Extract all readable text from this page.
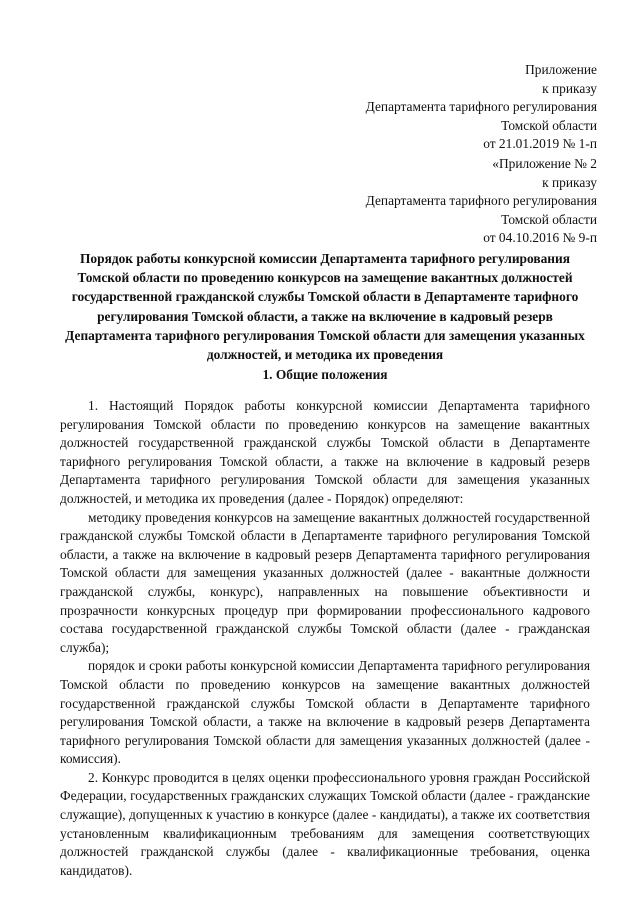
Приложение
к приказу
Департамента тарифного регулирования
Томской области
от 21.01.2019 № 1-п
«Приложение № 2
к приказу
Департамента тарифного регулирования
Томской области
от 04.10.2016 № 9-п
Порядок работы конкурсной комиссии Департамента тарифного регулирования Томской области по проведению конкурсов на замещение вакантных должностей государственной гражданской службы Томской области в Департаменте тарифного регулирования Томской области, а также на включение в кадровый резерв Департамента тарифного регулирования Томской области для замещения указанных должностей, и методика их проведения
1. Общие положения

1. Настоящий Порядок работы конкурсной комиссии Департамента тарифного регулирования Томской области по проведению конкурсов на замещение вакантных должностей государственной гражданской службы Томской области в Департаменте тарифного регулирования Томской области, а также на включение в кадровый резерв Департамента тарифного регулирования Томской области для замещения указанных должностей, и методика их проведения (далее - Порядок) определяют:

методику проведения конкурсов на замещение вакантных должностей государственной гражданской службы Томской области в Департаменте тарифного регулирования Томской области, а также на включение в кадровый резерв Департамента тарифного регулирования Томской области для замещения указанных должностей (далее - вакантные должности гражданской службы, конкурс), направленных на повышение объективности и прозрачности конкурсных процедур при формировании профессионального кадрового состава государственной гражданской службы Томской области (далее - гражданская служба);

порядок и сроки работы конкурсной комиссии Департамента тарифного регулирования Томской области по проведению конкурсов на замещение вакантных должностей государственной гражданской службы Томской области в Департаменте тарифного регулирования Томской области, а также на включение в кадровый резерв Департамента тарифного регулирования Томской области для замещения указанных должностей (далее - комиссия).

2. Конкурс проводится в целях оценки профессионального уровня граждан Российской Федерации, государственных гражданских служащих Томской области (далее - гражданские служащие), допущенных к участию в конкурсе (далее - кандидаты), а также их соответствия установленным квалификационным требованиям для замещения соответствующих должностей гражданской службы (далее - квалификационные требования, оценка кандидатов).
